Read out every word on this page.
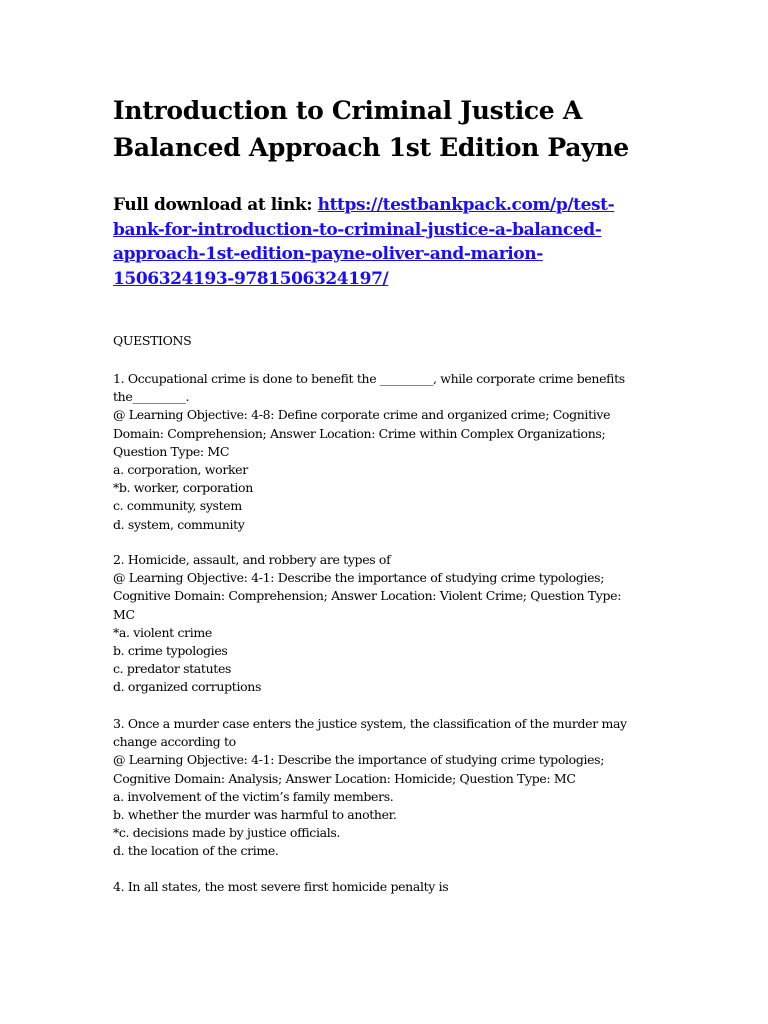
Introduction to Criminal Justice A
Balanced Approach 1st Edition Payne
Full download at link: https://testbankpack.com/p/test-
bank-for-introduction-to-criminal-justice-a-balanced-
approach-1st-edition-payne-oliver-and-marion-
1506324193-9781506324197/
QUESTIONS
1. Occupational crime is done to benefit the _________, while corporate crime benefits
the_________.
@ Learning Objective: 4-8: Define corporate crime and organized crime; Cognitive
Domain: Comprehension; Answer Location: Crime within Complex Organizations;
Question Type: MC
a. corporation, worker
*b. worker, corporation
c. community, system
d. system, community
2. Homicide, assault, and robbery are types of
@ Learning Objective: 4-1: Describe the importance of studying crime typologies;
Cognitive Domain: Comprehension; Answer Location: Violent Crime; Question Type:
MC
*a. violent crime
b. crime typologies
c. predator statutes
d. organized corruptions
3. Once a murder case enters the justice system, the classification of the murder may
change according to
@ Learning Objective: 4-1: Describe the importance of studying crime typologies;
Cognitive Domain: Analysis; Answer Location: Homicide; Question Type: MC
a. involvement of the victim’s family members.
b. whether the murder was harmful to another.
*c. decisions made by justice officials.
d. the location of the crime.
4. In all states, the most severe first homicide penalty is
